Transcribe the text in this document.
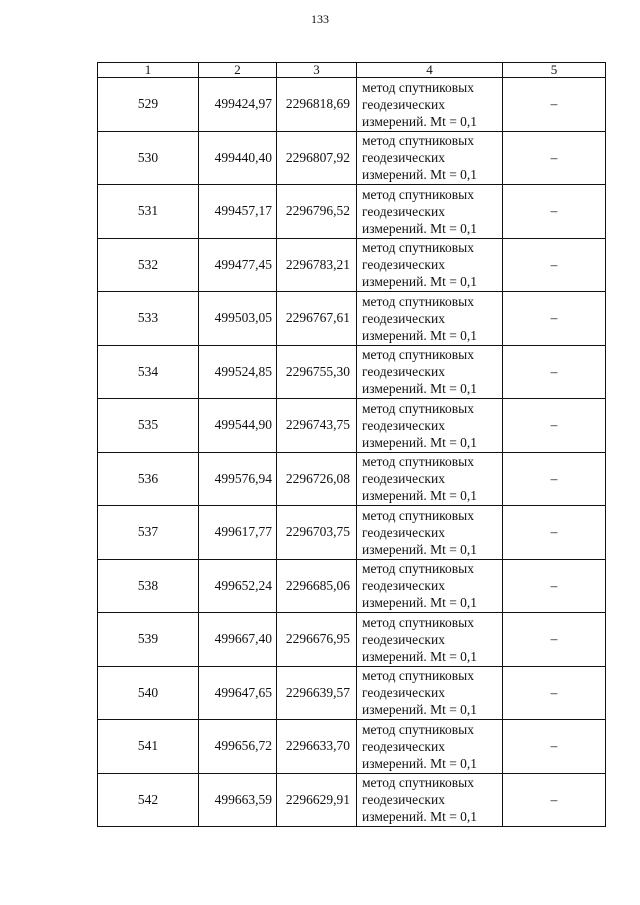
133
1	2	3	4	5
529	499424,97	2296818,69	метод спутниковых
геодезических
измерений. Mt = 0,1	–
530	499440,40	2296807,92	метод спутниковых
геодезических
измерений. Mt = 0,1	–
531	499457,17	2296796,52	метод спутниковых
геодезических
измерений. Mt = 0,1	–
532	499477,45	2296783,21	метод спутниковых
геодезических
измерений. Mt = 0,1	–
533	499503,05	2296767,61	метод спутниковых
геодезических
измерений. Mt = 0,1	–
534	499524,85	2296755,30	метод спутниковых
геодезических
измерений. Mt = 0,1	–
535	499544,90	2296743,75	метод спутниковых
геодезических
измерений. Mt = 0,1	–
536	499576,94	2296726,08	метод спутниковых
геодезических
измерений. Mt = 0,1	–
537	499617,77	2296703,75	метод спутниковых
геодезических
измерений. Mt = 0,1	–
538	499652,24	2296685,06	метод спутниковых
геодезических
измерений. Mt = 0,1	–
539	499667,40	2296676,95	метод спутниковых
геодезических
измерений. Mt = 0,1	–
540	499647,65	2296639,57	метод спутниковых
геодезических
измерений. Mt = 0,1	–
541	499656,72	2296633,70	метод спутниковых
геодезических
измерений. Mt = 0,1	–
542	499663,59	2296629,91	метод спутниковых
геодезических
измерений. Mt = 0,1	–
